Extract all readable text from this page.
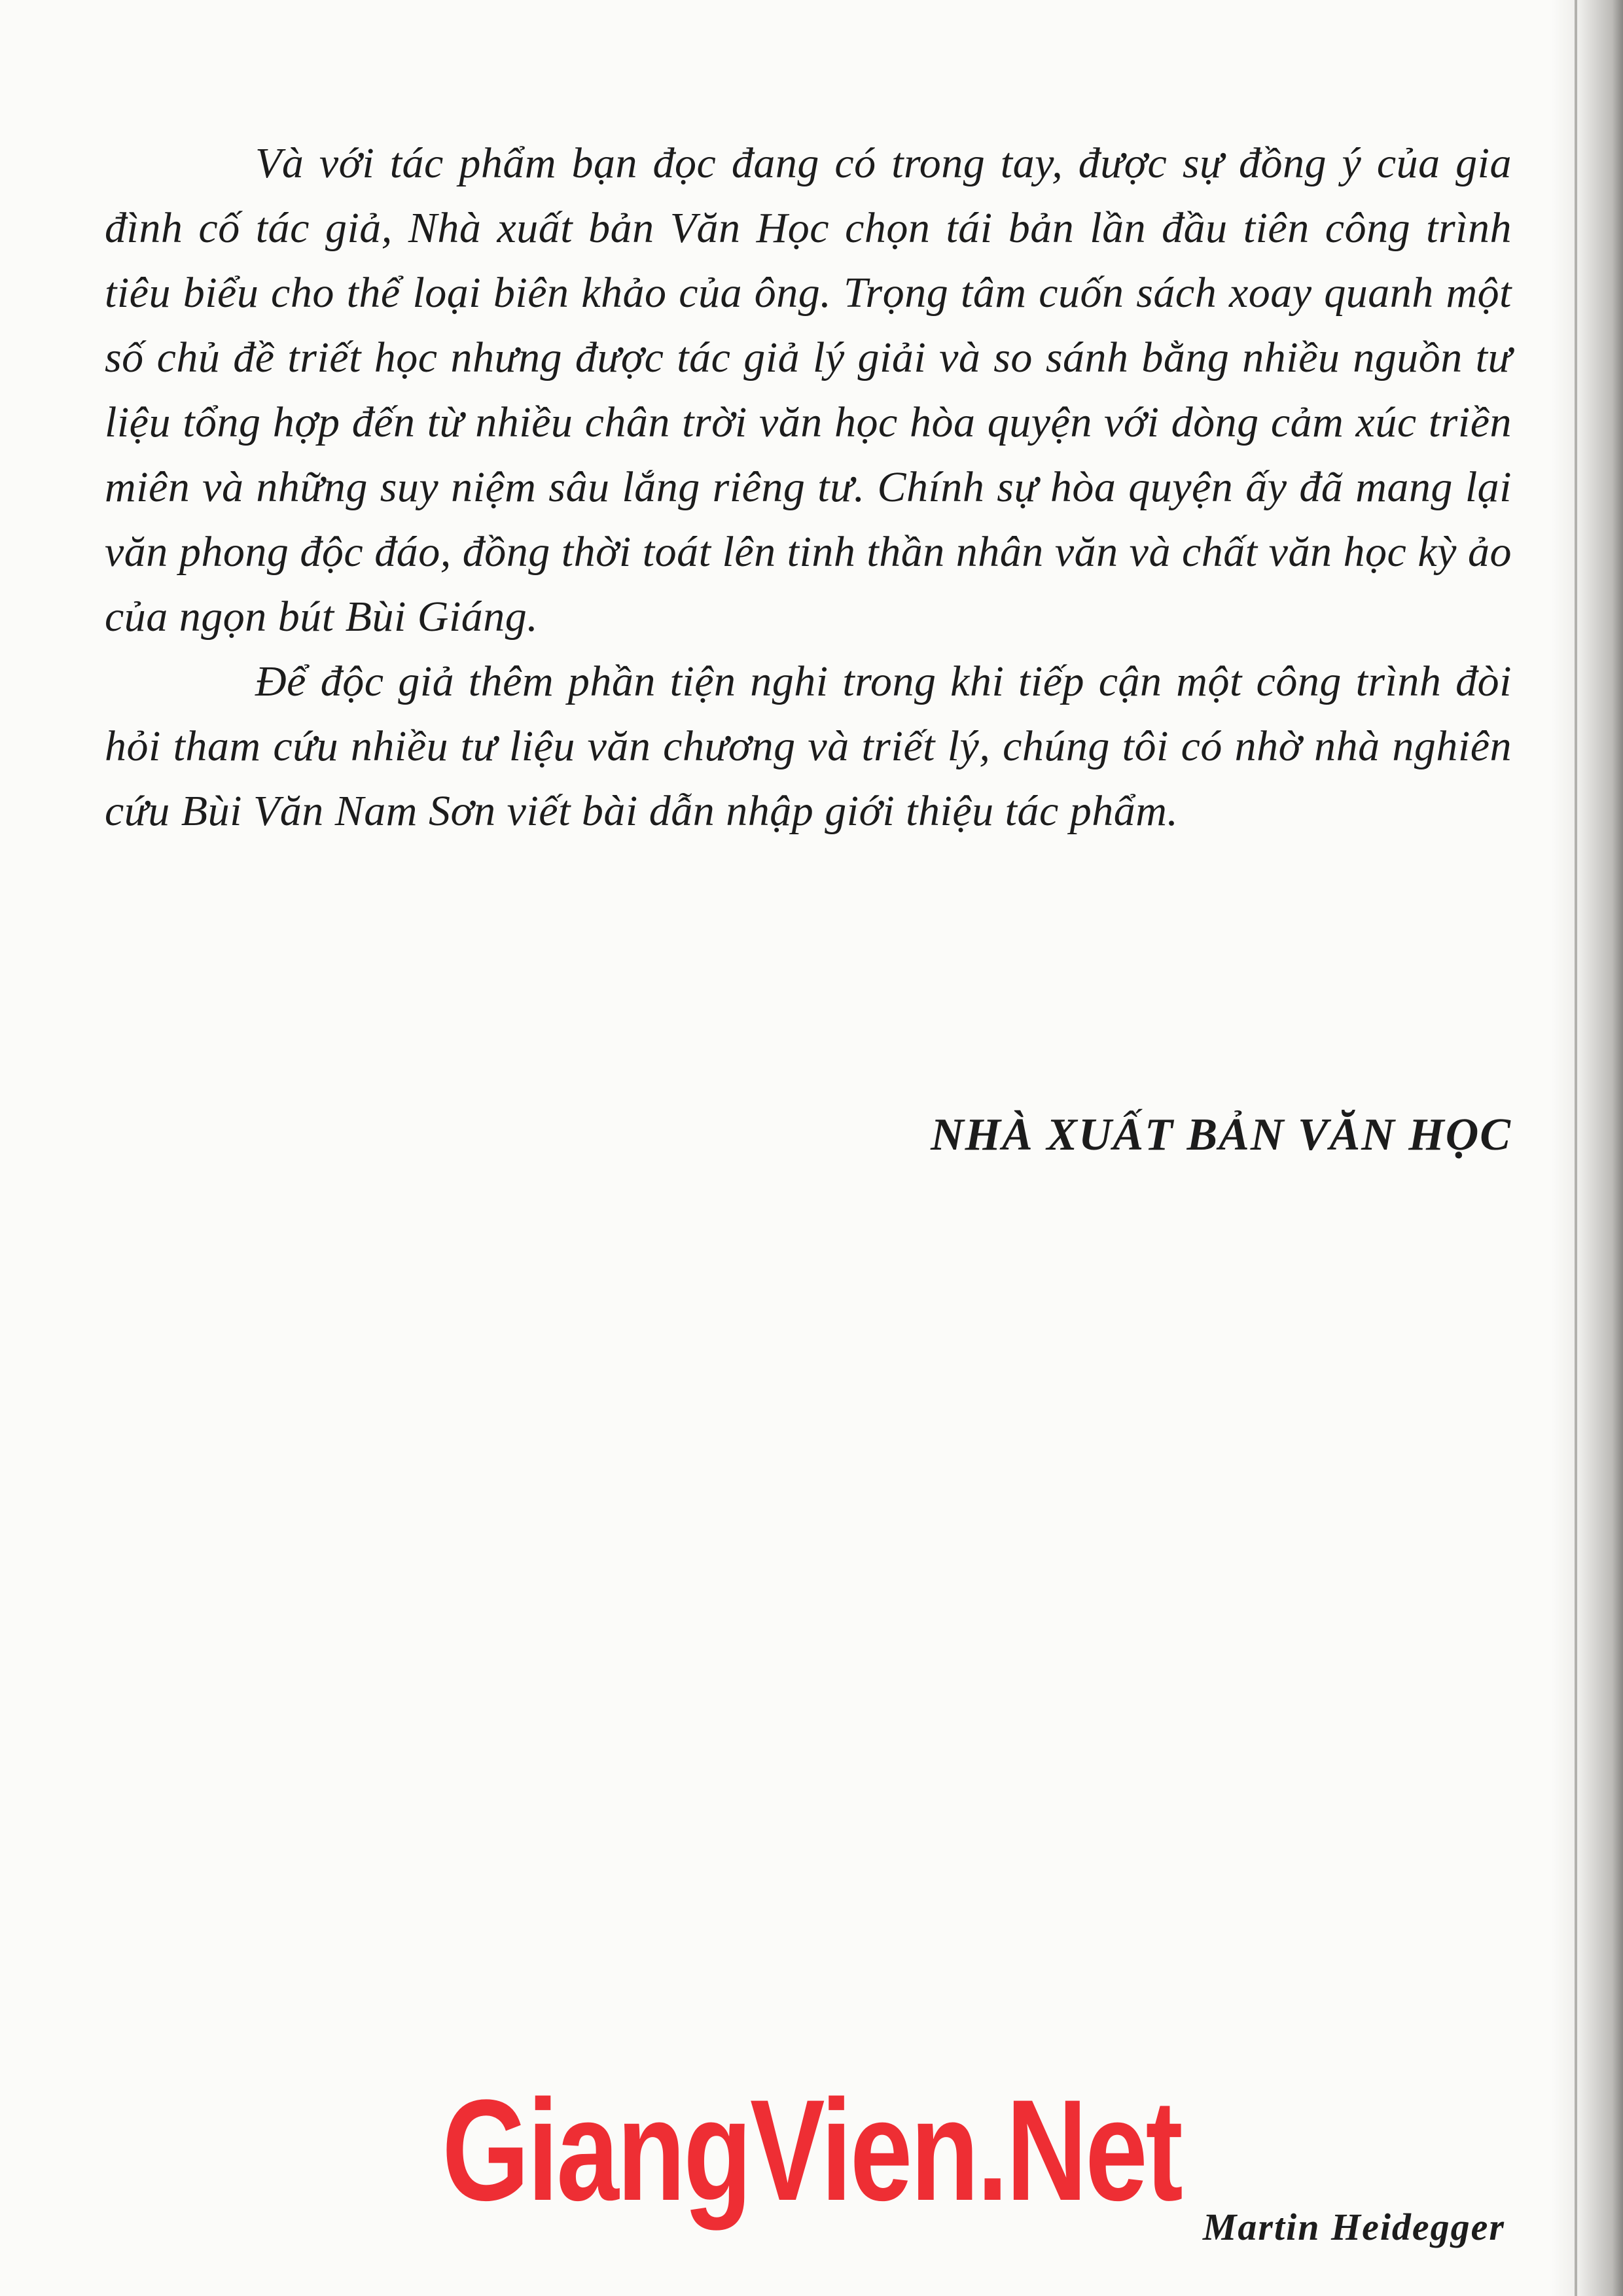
Và với tác phẩm bạn đọc đang có trong tay, được sự đồng ý của gia đình cố tác giả, Nhà xuất bản Văn Học chọn tái bản lần đầu tiên công trình tiêu biểu cho thể loại biên khảo của ông. Trọng tâm cuốn sách xoay quanh một số chủ đề triết học nhưng được tác giả lý giải và so sánh bằng nhiều nguồn tư liệu tổng hợp đến từ nhiều chân trời văn học hòa quyện với dòng cảm xúc triền miên và những suy niệm sâu lắng riêng tư. Chính sự hòa quyện ấy đã mang lại văn phong độc đáo, đồng thời toát lên tinh thần nhân văn và chất văn học kỳ ảo của ngọn bút Bùi Giáng.

Để độc giả thêm phần tiện nghi trong khi tiếp cận một công trình đòi hỏi tham cứu nhiều tư liệu văn chương và triết lý, chúng tôi có nhờ nhà nghiên cứu Bùi Văn Nam Sơn viết bài dẫn nhập giới thiệu tác phẩm.

NHÀ XUẤT BẢN VĂN HỌC
GiangVien.Net Martin Heidegger
